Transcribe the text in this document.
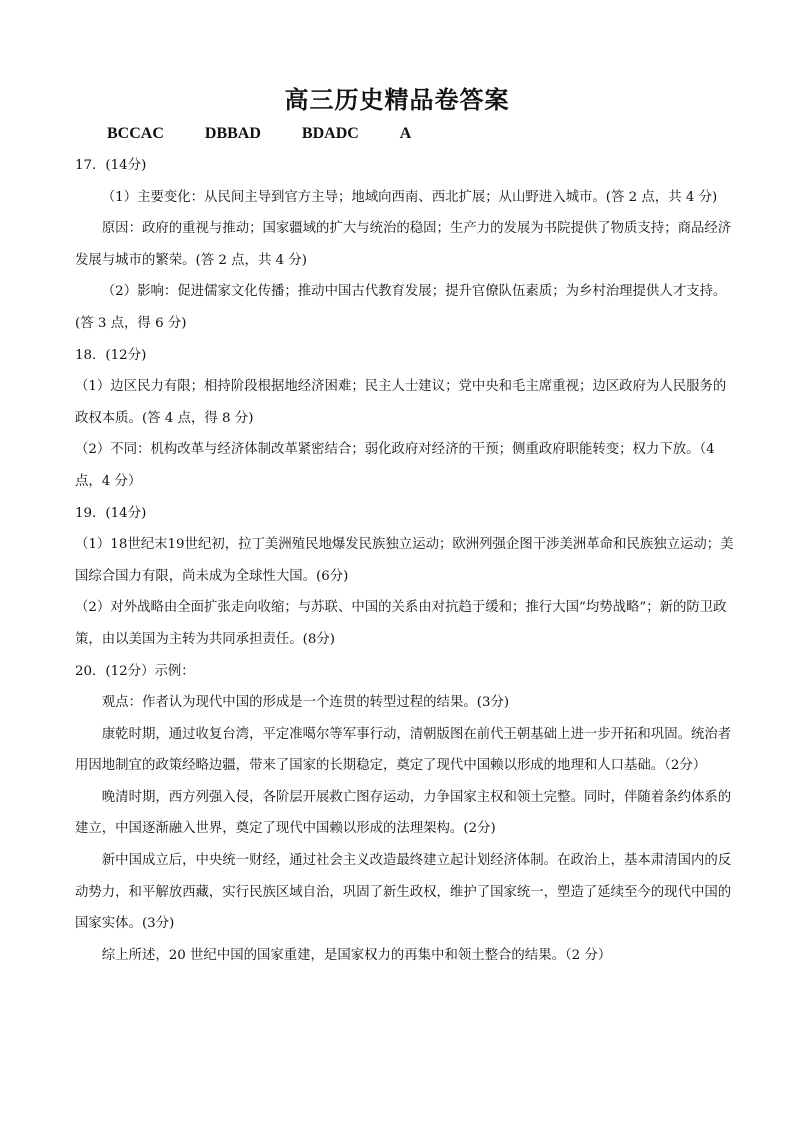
高三历史精品卷答案
BCCAC	DBBAD	BDADC	A

17．(14分)

（1）主要变化：从民间主导到官方主导；地域向西南、西北扩展；从山野进入城市。(答 2 点，共 4 分)

原因：政府的重视与推动；国家疆域的扩大与统治的稳固；生产力的发展为书院提供了物质支持；商品经济发展与城市的繁荣。(答 2 点，共 4 分)

（2）影响：促进儒家文化传播；推动中国古代教育发展；提升官僚队伍素质；为乡村治理提供人才支持。(答 3 点，得 6 分)

18．(12分)

（1）边区民力有限；相持阶段根据地经济困难；民主人士建议；党中央和毛主席重视；边区政府为人民服务的政权本质。(答 4 点，得 8 分)

（2）不同：机构改革与经济体制改革紧密结合；弱化政府对经济的干预；侧重政府职能转变；权力下放。（4 点，4 分）

19．(14分)

（1）18世纪末19世纪初，拉丁美洲殖民地爆发民族独立运动；欧洲列强企图干涉美洲革命和民族独立运动；美国综合国力有限，尚未成为全球性大国。(6分)

（2）对外战略由全面扩张走向收缩；与苏联、中国的关系由对抗趋于缓和；推行大国“均势战略”；新的防卫政策，由以美国为主转为共同承担责任。(8分)

20．(12分）示例：

观点：作者认为现代中国的形成是一个连贯的转型过程的结果。(3分)

康乾时期，通过收复台湾，平定准噶尔等军事行动，清朝版图在前代王朝基础上进一步开拓和巩固。统治者用因地制宜的政策经略边疆，带来了国家的长期稳定，奠定了现代中国赖以形成的地理和人口基础。（2分）

晚清时期，西方列强入侵，各阶层开展救亡图存运动，力争国家主权和领土完整。同时，伴随着条约体系的建立，中国逐渐融入世界，奠定了现代中国赖以形成的法理架构。(2分)

新中国成立后，中央统一财经，通过社会主义改造最终建立起计划经济体制。在政治上，基本肃清国内的反动势力，和平解放西藏，实行民族区域自治，巩固了新生政权，维护了国家统一，塑造了延续至今的现代中国的国家实体。(3分)

综上所述，20 世纪中国的国家重建，是国家权力的再集中和领土整合的结果。（2 分）
